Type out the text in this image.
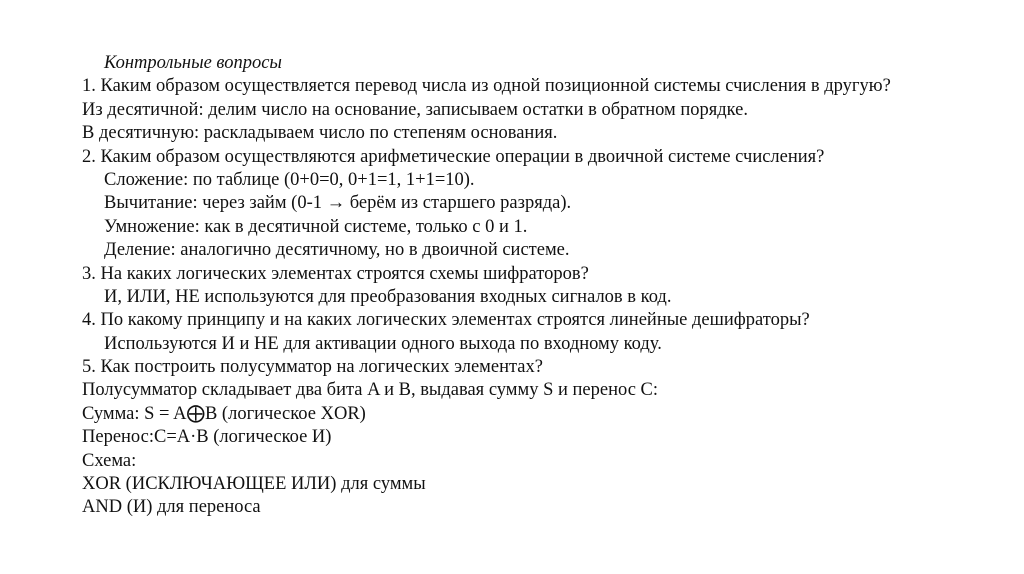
Контрольные вопросы
1. Каким образом осуществляется перевод числа из одной позиционной системы счисления в другую?
Из десятичной: делим число на основание, записываем остатки в обратном порядке.
В десятичную: раскладываем число по степеням основания.
2. Каким образом осуществляются арифметические операции в двоичной системе счисления?
Сложение: по таблице (0+0=0, 0+1=1, 1+1=10).
Вычитание: через займ (0-1 → берём из старшего разряда).
Умножение: как в десятичной системе, только с 0 и 1.
Деление: аналогично десятичному, но в двоичной системе.
3. На каких логических элементах строятся схемы шифраторов?
И, ИЛИ, НЕ используются для преобразования входных сигналов в код.
4. По какому принципу и на каких логических элементах строятся линейные дешифраторы?
Используются И и НЕ для активации одного выхода по входному коду.
5. Как построить полусумматор на логических элементах?
Полусумматор складывает два бита A и B, выдавая сумму S и перенос C:
Сумма: S = A⨁B (логическое XOR)
Перенос:C=A·B (логическое И)
Схема:
XOR (ИСКЛЮЧАЮЩЕЕ ИЛИ) для суммы
AND (И) для переноса
